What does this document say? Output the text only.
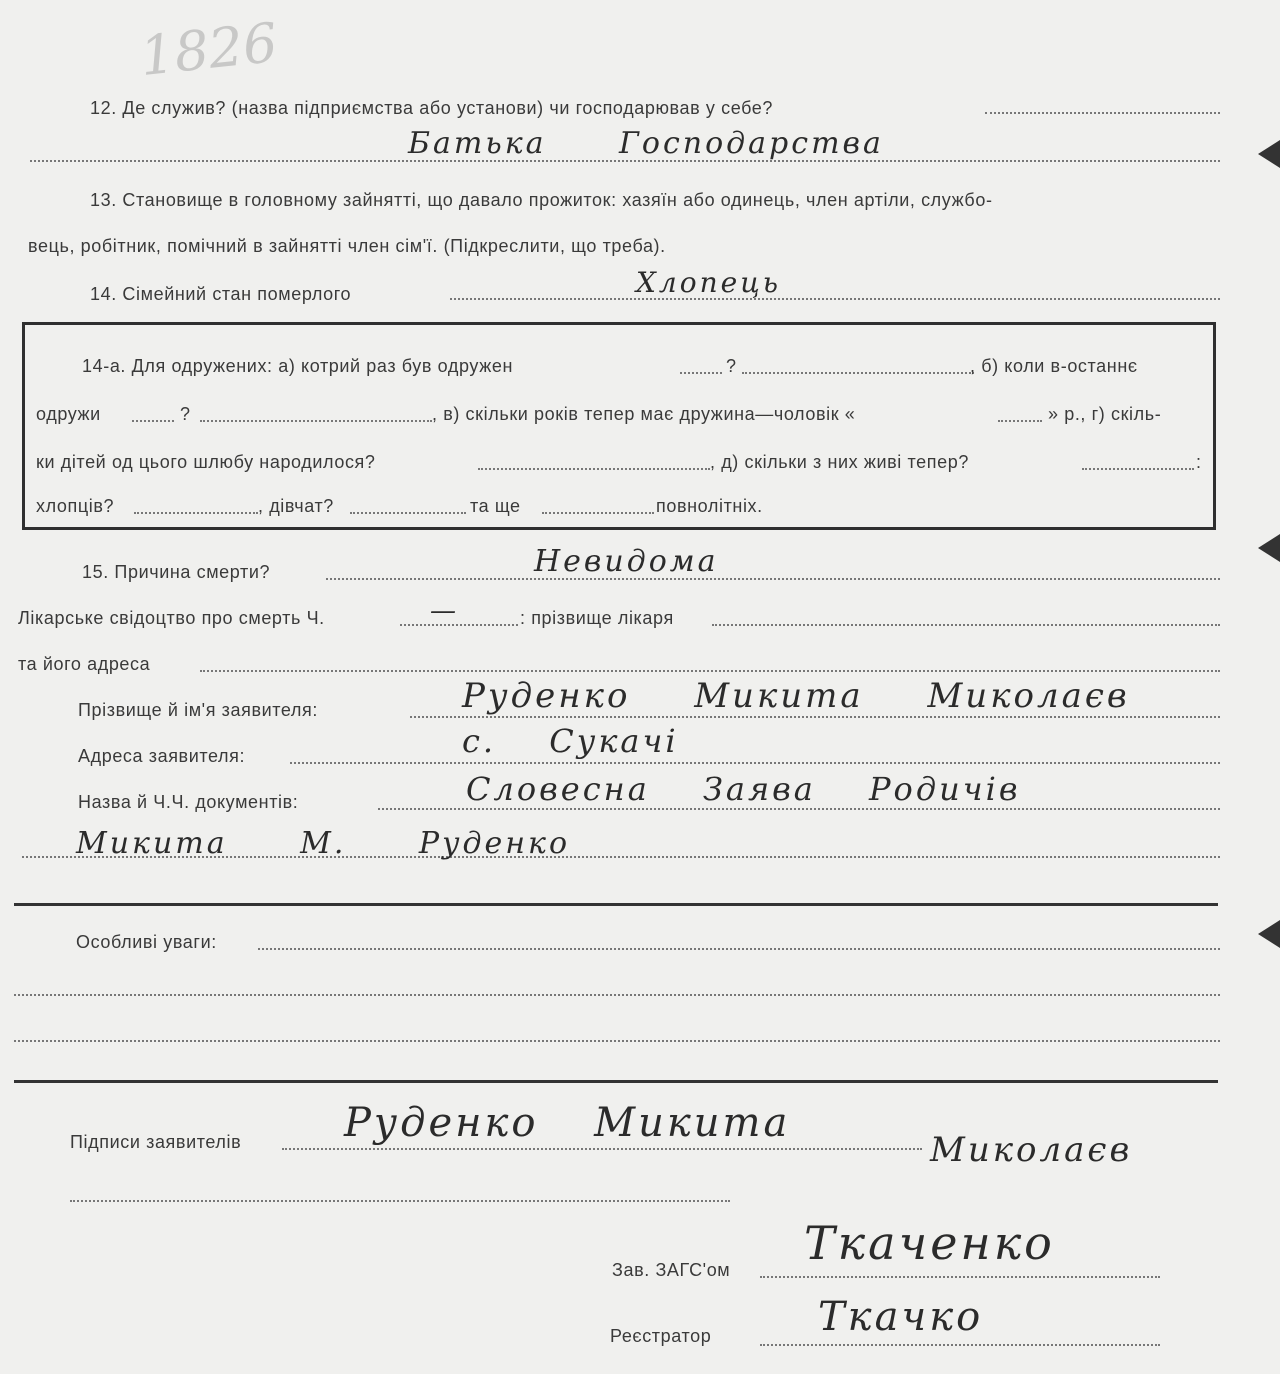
1826
12. Де служив? (назва підприємства або установи) чи господарював у себе?
Батька Господарства
13. Становище в головному зайнятті, що давало прожиток: хазяїн або одинець, член артіли, службо-
вець, робітник, помічний в зайнятті член сім'ї. (Підкреслити, що треба).
14. Сімейний стан померлого	Хлопець
14-а. Для одружених: а) котрий раз був одружен	?	, б) коли в-останнє
одружи	?	, в) скільки років тепер має дружина—чоловік «	» р., г) скіль-
ки дітей од цього шлюбу народилося?	, д) скільки з них живі тепер?	:
хлопців?	, дівчат?	та ще	повнолітніх.
15. Причина смерти?	Невидома
Лікарське свідоцтво про смерть Ч.	—	: прізвище лікаря
та його адреса
Прізвище й ім'я заявителя:	Руденко Микита Миколаєв
Адреса заявителя:	с. Сукачі
Назва й Ч.Ч. документів:	Словесна Заява Родичів
Микита М. Руденко
Особливі уваги:
Підписи заявителів	Руденко Микита
Миколаєв
Зав. ЗАГС'ом Ткаченко
Реєстратор	Ткачко
